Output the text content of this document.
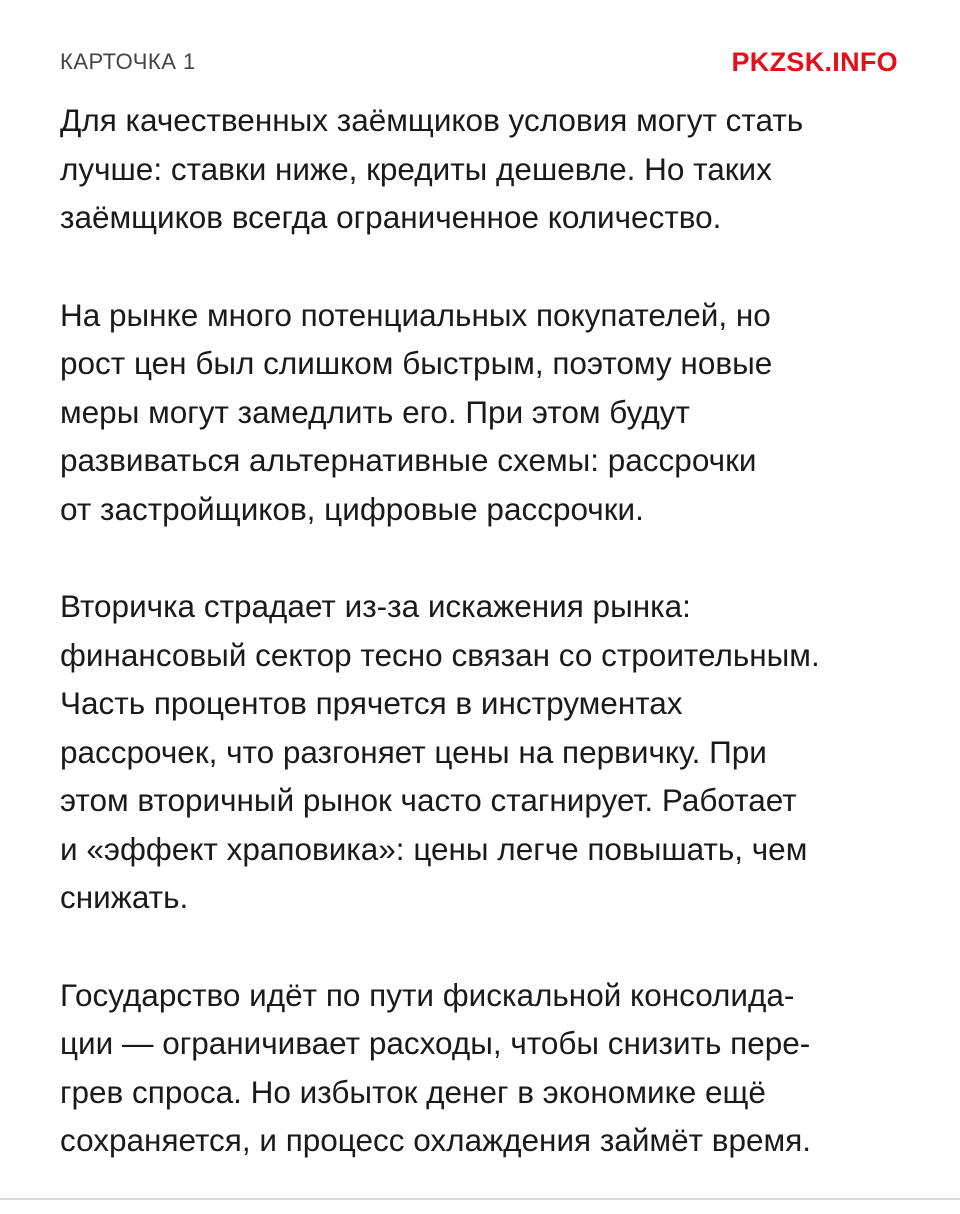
КАРТОЧКА 1	PKZSK.INFO

Для качественных заёмщиков условия могут стать
лучше: ставки ниже, кредиты дешевле. Но таких
заёмщиков всегда ограниченное количество.

На рынке много потенциальных покупателей, но
рост цен был слишком быстрым, поэтому новые
меры могут замедлить его. При этом будут
развиваться альтернативные схемы: рассрочки
от застройщиков, цифровые рассрочки.

Вторичка страдает из-за искажения рынка:
финансовый сектор тесно связан со строительным.
Часть процентов прячется в инструментах
рассрочек, что разгоняет цены на первичку. При
этом вторичный рынок часто стагнирует. Работает
и «эффект храповика»: цены легче повышать, чем
снижать.

Государство идёт по пути фискальной консолида-
ции — ограничивает расходы, чтобы снизить пере-
грев спроса. Но избыток денег в экономике ещё
сохраняется, и процесс охлаждения займёт время.
